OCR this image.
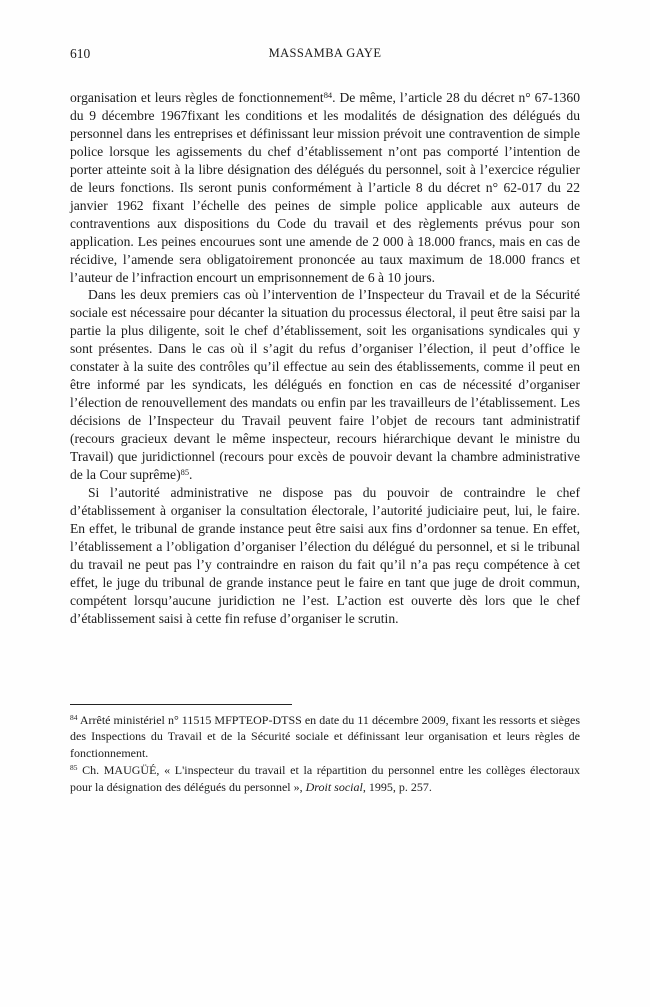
610	MASSAMBA GAYE

organisation et leurs règles de fonctionnement$^{84}$. De même, l’article 28 du décret n° 67-1360 du 9 décembre 1967fixant les conditions et les modalités de désignation des délégués du personnel dans les entreprises et définissant leur mission prévoit une contravention de simple police lorsque les agissements du chef d’établissement n’ont pas comporté l’intention de porter atteinte soit à la libre désignation des délégués du personnel, soit à l’exercice régulier de leurs fonctions. Ils seront punis conformément à l’article 8 du décret n° 62-017 du 22 janvier 1962 fixant l’échelle des peines de simple police applicable aux auteurs de contraventions aux dispositions du Code du travail et des règlements prévus pour son application. Les peines encourues sont une amende de 2 000 à 18.000 francs, mais en cas de récidive, l’amende sera obligatoirement prononcée au taux maximum de 18.000 francs et l’auteur de l’infraction encourt un emprisonnement de 6 à 10 jours.

Dans les deux premiers cas où l’intervention de l’Inspecteur du Travail et de la Sécurité sociale est nécessaire pour décanter la situation du processus électoral, il peut être saisi par la partie la plus diligente, soit le chef d’établissement, soit les organisations syndicales qui y sont présentes. Dans le cas où il s’agit du refus d’organiser l’élection, il peut d’office le constater à la suite des contrôles qu’il effectue au sein des établissements, comme il peut en être informé par les syndicats, les délégués en fonction en cas de nécessité d’organiser l’élection de renouvellement des mandats ou enfin par les travailleurs de l’établissement. Les décisions de l’Inspecteur du Travail peuvent faire l’objet de recours tant administratif (recours gracieux devant le même inspecteur, recours hiérarchique devant le ministre du Travail) que juridictionnel (recours pour excès de pouvoir devant la chambre administrative de la Cour suprême)$^{85}$.

Si l’autorité administrative ne dispose pas du pouvoir de contraindre le chef d’établissement à organiser la consultation électorale, l’autorité judiciaire peut, lui, le faire. En effet, le tribunal de grande instance peut être saisi aux fins d’ordonner sa tenue. En effet, l’établissement a l’obligation d’organiser l’élection du délégué du personnel, et si le tribunal du travail ne peut pas l’y contraindre en raison du fait qu’il n’a pas reçu compétence à cet effet, le juge du tribunal de grande instance peut le faire en tant que juge de droit commun, compétent lorsqu’aucune juridiction ne l’est. L’action est ouverte dès lors que le chef d’établissement saisi à cette fin refuse d’organiser le scrutin.

$^{84}$ Arrêté ministériel n° 11515 MFPTEOP-DTSS en date du 11 décembre 2009, fixant les ressorts et sièges des Inspections du Travail et de la Sécurité sociale et définissant leur organisation et leurs règles de fonctionnement.

$^{85}$ Ch. MAUGÜÉ, « L'inspecteur du travail et la répartition du personnel entre les collèges électoraux pour la désignation des délégués du personnel », Droit social, 1995, p. 257.
